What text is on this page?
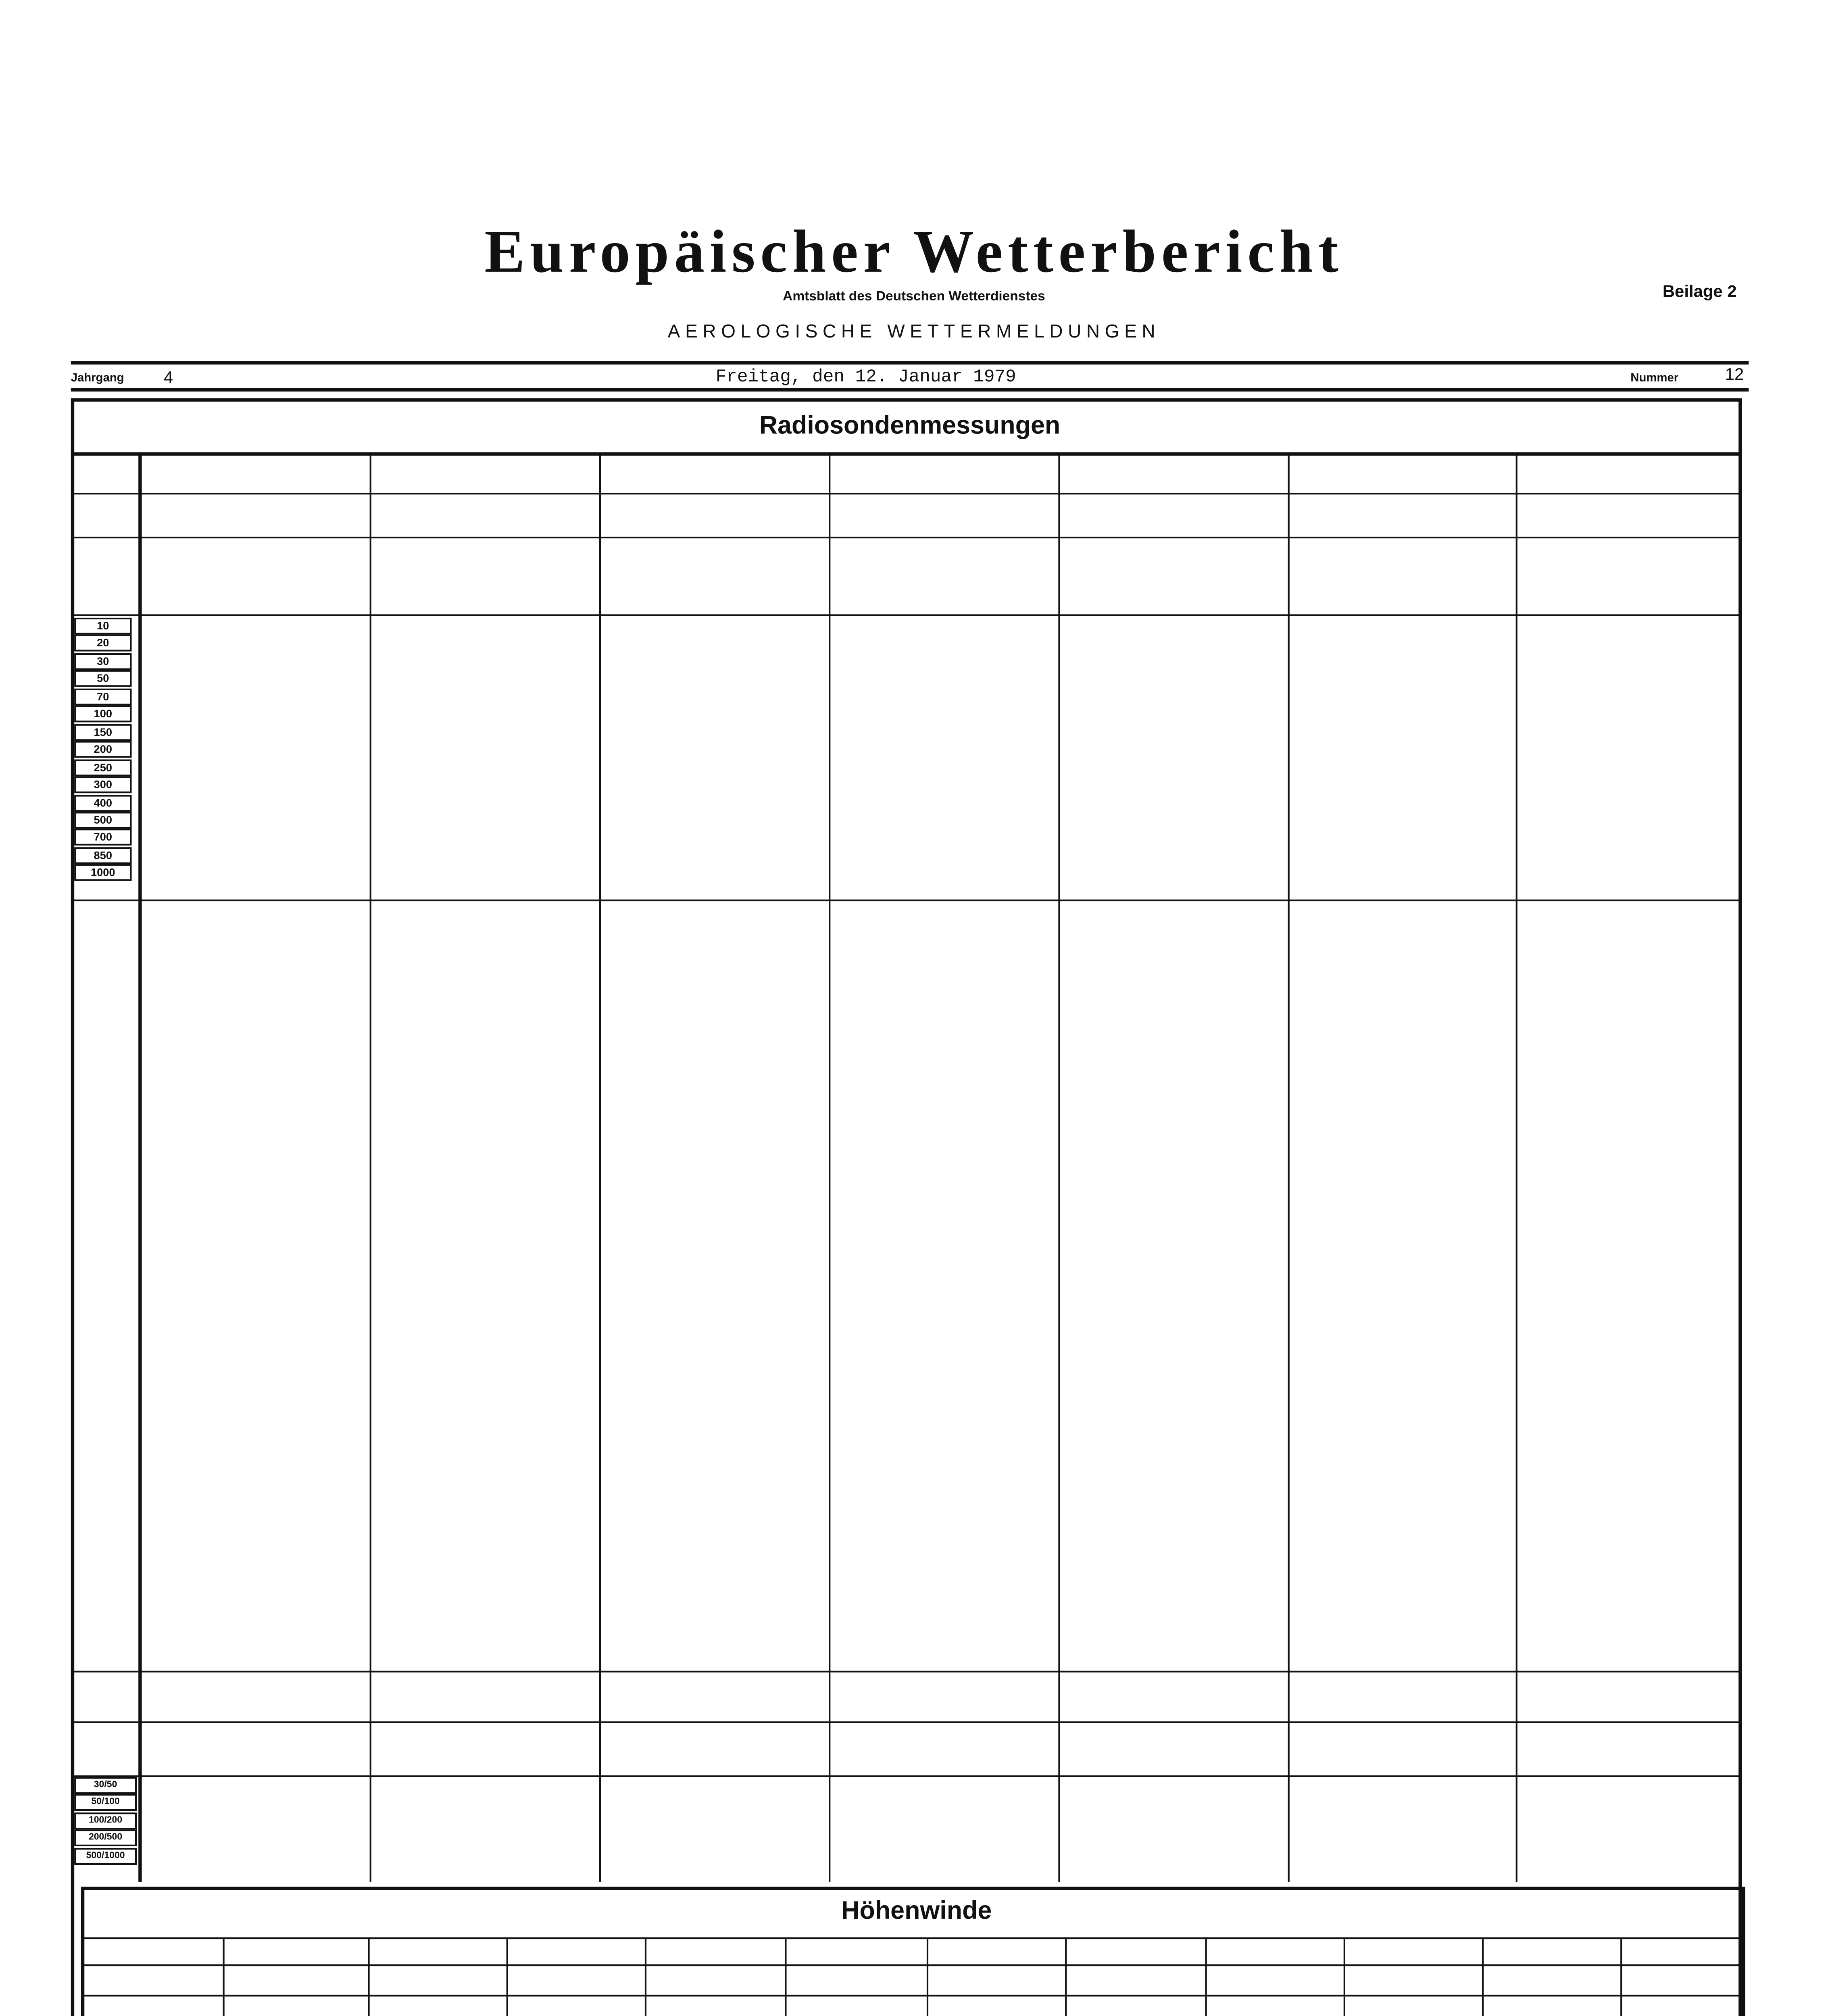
Europäischer Wetterbericht
Amtsblatt des Deutschen Wetterdienstes
AEROLOGISCHE WETTERMELDUNGEN
Beilage 2
Jahrgang	4	Freitag, den 12. Januar 1979	Nummer	12
Radiosondenmessungen
Höhenwinde
10
20
30
50
70
100
150
200
250
300
400
500
700
850
1000
30/50
50/100
100/200
200/500
500/1000
